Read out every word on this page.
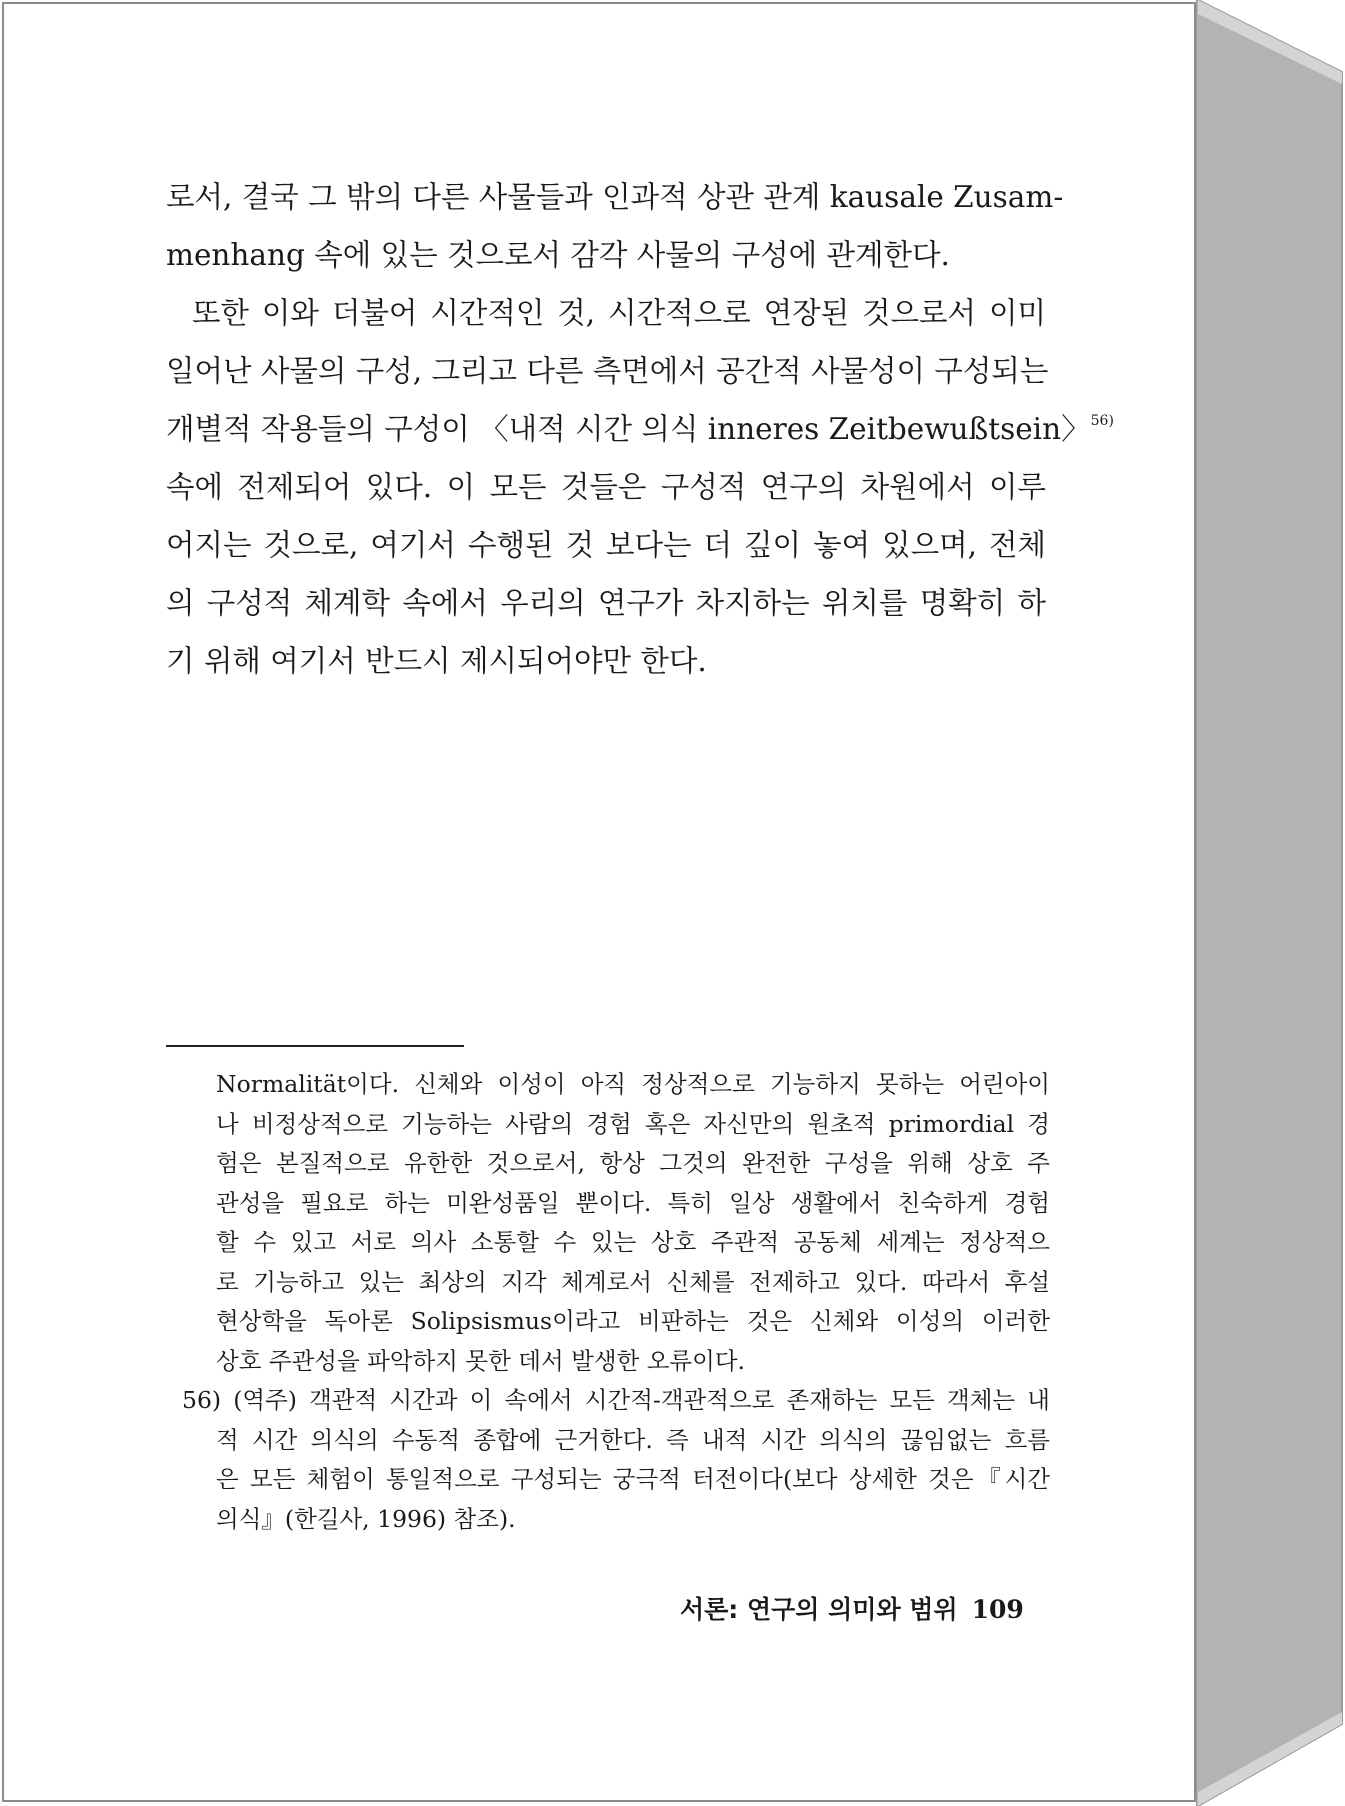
로서, 결국 그 밖의 다른 사물들과 인과적 상관 관계 kausale Zusam-
menhang 속에 있는 것으로서 감각 사물의 구성에 관계한다.
또한 이와 더불어 시간적인 것, 시간적으로 연장된 것으로서 이미
일어난 사물의 구성, 그리고 다른 측면에서 공간적 사물성이 구성되는
개별적 작용들의 구성이 〈내적 시간 의식 inneres Zeitbewußtsein〉$^{56)}$
속에 전제되어 있다. 이 모든 것들은 구성적 연구의 차원에서 이루
어지는 것으로, 여기서 수행된 것 보다는 더 깊이 놓여 있으며, 전체
의 구성적 체계학 속에서 우리의 연구가 차지하는 위치를 명확히 하
기 위해 여기서 반드시 제시되어야만 한다.
Normalität이다. 신체와 이성이 아직 정상적으로 기능하지 못하는 어린아이
나 비정상적으로 기능하는 사람의 경험 혹은 자신만의 원초적 primordial 경
험은 본질적으로 유한한 것으로서, 항상 그것의 완전한 구성을 위해 상호 주
관성을 필요로 하는 미완성품일 뿐이다. 특히 일상 생활에서 친숙하게 경험
할 수 있고 서로 의사 소통할 수 있는 상호 주관적 공동체 세계는 정상적으
로 기능하고 있는 최상의 지각 체계로서 신체를 전제하고 있다. 따라서 후설
현상학을 독아론 Solipsismus이라고 비판하는 것은 신체와 이성의 이러한
상호 주관성을 파악하지 못한 데서 발생한 오류이다.
56) (역주) 객관적 시간과 이 속에서 시간적-객관적으로 존재하는 모든 객체는 내
적 시간 의식의 수동적 종합에 근거한다. 즉 내적 시간 의식의 끊임없는 흐름
은 모든 체험이 통일적으로 구성되는 궁극적 터전이다(보다 상세한 것은『시간
의식』(한길사, 1996) 참조).
서론: 연구의 의미와 범위 109
